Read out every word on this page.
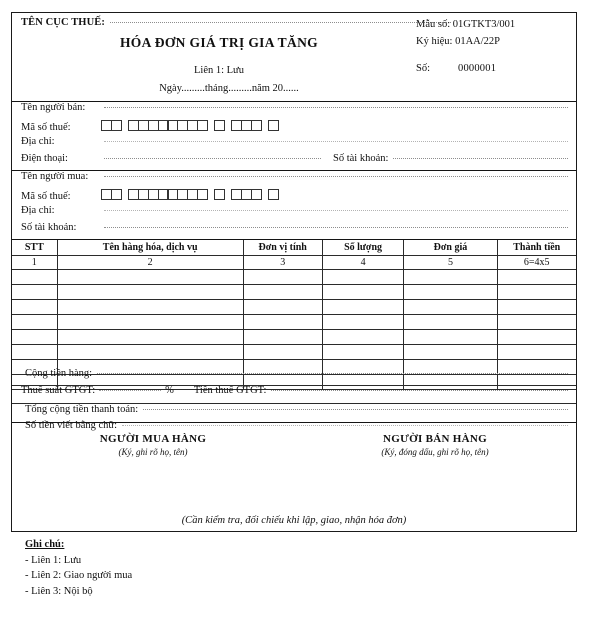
TÊN CỤC THUẾ:
HÓA ĐƠN GIÁ TRỊ GIA TĂNG
Liên 1: Lưu
Ngày.........tháng.........năm 20......
Mẫu số: 01GTKT3/001
Ký hiệu: 01AA/22P
Số:	0000001
Tên người bán:
Mã số thuế:
Địa chỉ:
Điện thoại:	Số tài khoản:
Tên người mua:
Mã số thuế:
Địa chỉ:
Số tài khoản:
STT	Tên hàng hóa, dịch vụ	Đơn vị tính	Số lượng	Đơn giá	Thành tiền
1	2	3	4	5	6=4x5

Cộng tiền hàng:
Thuế suất GTGT:	% Tiền thuế GTGT:
Tổng cộng tiền thanh toán:
Số tiền viết bằng chữ:
NGƯỜI MUA HÀNG
(Ký, ghi rõ họ, tên)
NGƯỜI BÁN HÀNG
(Ký, đóng dấu, ghi rõ họ, tên)
(Cần kiểm tra, đối chiếu khi lập, giao, nhận hóa đơn)
Ghi chú:
- Liên 1: Lưu
- Liên 2: Giao người mua
- Liên 3: Nội bộ
